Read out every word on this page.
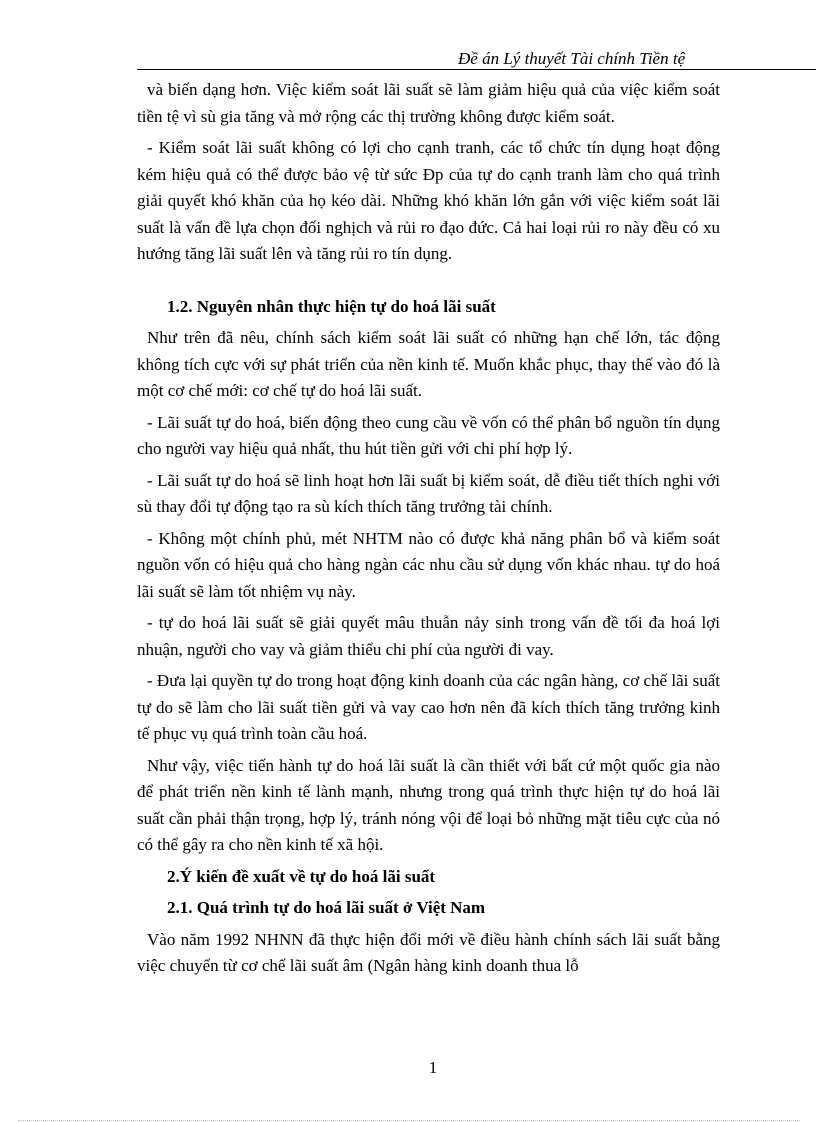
Đề án Lý thuyết Tài chính Tiền tệ

và biến dạng hơn. Việc kiểm soát lãi suất sẽ làm giảm hiệu quả của việc kiểm soát tiền tệ vì sù gia tăng và mở rộng các thị trường không được kiểm soát.

- Kiểm soát lãi suất không có lợi cho cạnh tranh, các tổ chức tín dụng hoạt động kém hiệu quả có thể được bảo vệ từ sức Đp của tự do cạnh tranh làm cho quá trình giải quyết khó khăn của họ kéo dài. Những khó khăn lớn gắn với việc kiểm soát lãi suất là vấn đề lựa chọn đối nghịch và rủi ro đạo đức. Cả hai loại rủi ro này đều có xu hướng tăng lãi suất lên và tăng rủi ro tín dụng.

1.2. Nguyên nhân thực hiện tự do hoá lãi suất

Như trên đã nêu, chính sách kiểm soát lãi suất có những hạn chế lớn, tác động không tích cực với sự phát triển của nền kinh tế. Muốn khắc phục, thay thế vào đó là một cơ chế mới: cơ chế tự do hoá lãi suất.

- Lãi suất tự do hoá, biến động theo cung cầu về vốn có thể phân bổ nguồn tín dụng cho người vay hiệu quả nhất, thu hút tiền gửi với chi phí hợp lý.

- Lãi suất tự do hoá sẽ linh hoạt hơn lãi suất bị kiểm soát, dễ điều tiết thích nghi với sù thay đổi tự động tạo ra sù kích thích tăng trưởng tài chính.

- Không một chính phủ, mét NHTM nào có được khả năng phân bổ và kiểm soát nguồn vốn có hiệu quả cho hàng ngàn các nhu cầu sử dụng vốn khác nhau. tự do hoá lãi suất sẽ làm tốt nhiệm vụ này.

- tự do hoá lãi suất sẽ giải quyết mâu thuẫn nảy sinh trong vấn đề tối đa hoá lợi nhuận, người cho vay và giảm thiểu chi phí của người đi vay.

- Đưa lại quyền tự do trong hoạt động kinh doanh của các ngân hàng, cơ chế lãi suất tự do sẽ làm cho lãi suất tiền gửi và vay cao hơn nên đã kích thích tăng trưởng kinh tế phục vụ quá trình toàn cầu hoá.

Như vậy, việc tiến hành tự do hoá lãi suất là cần thiết với bất cứ một quốc gia nào để phát triển nền kinh tế lành mạnh, nhưng trong quá trình thực hiện tự do hoá lãi suất cần phải thận trọng, hợp lý, tránh nóng vội để loại bỏ những mặt tiêu cực của nó có thể gây ra cho nền kinh tế xã hội.

2.Ý kiến đề xuất về tự do hoá lãi suất
2.1. Quá trình tự do hoá lãi suất ở Việt Nam

Vào năm 1992 NHNN đã thực hiện đổi mới về điều hành chính sách lãi suất bằng việc chuyển từ cơ chế lãi suất âm (Ngân hàng kinh doanh thua lỗ

1
